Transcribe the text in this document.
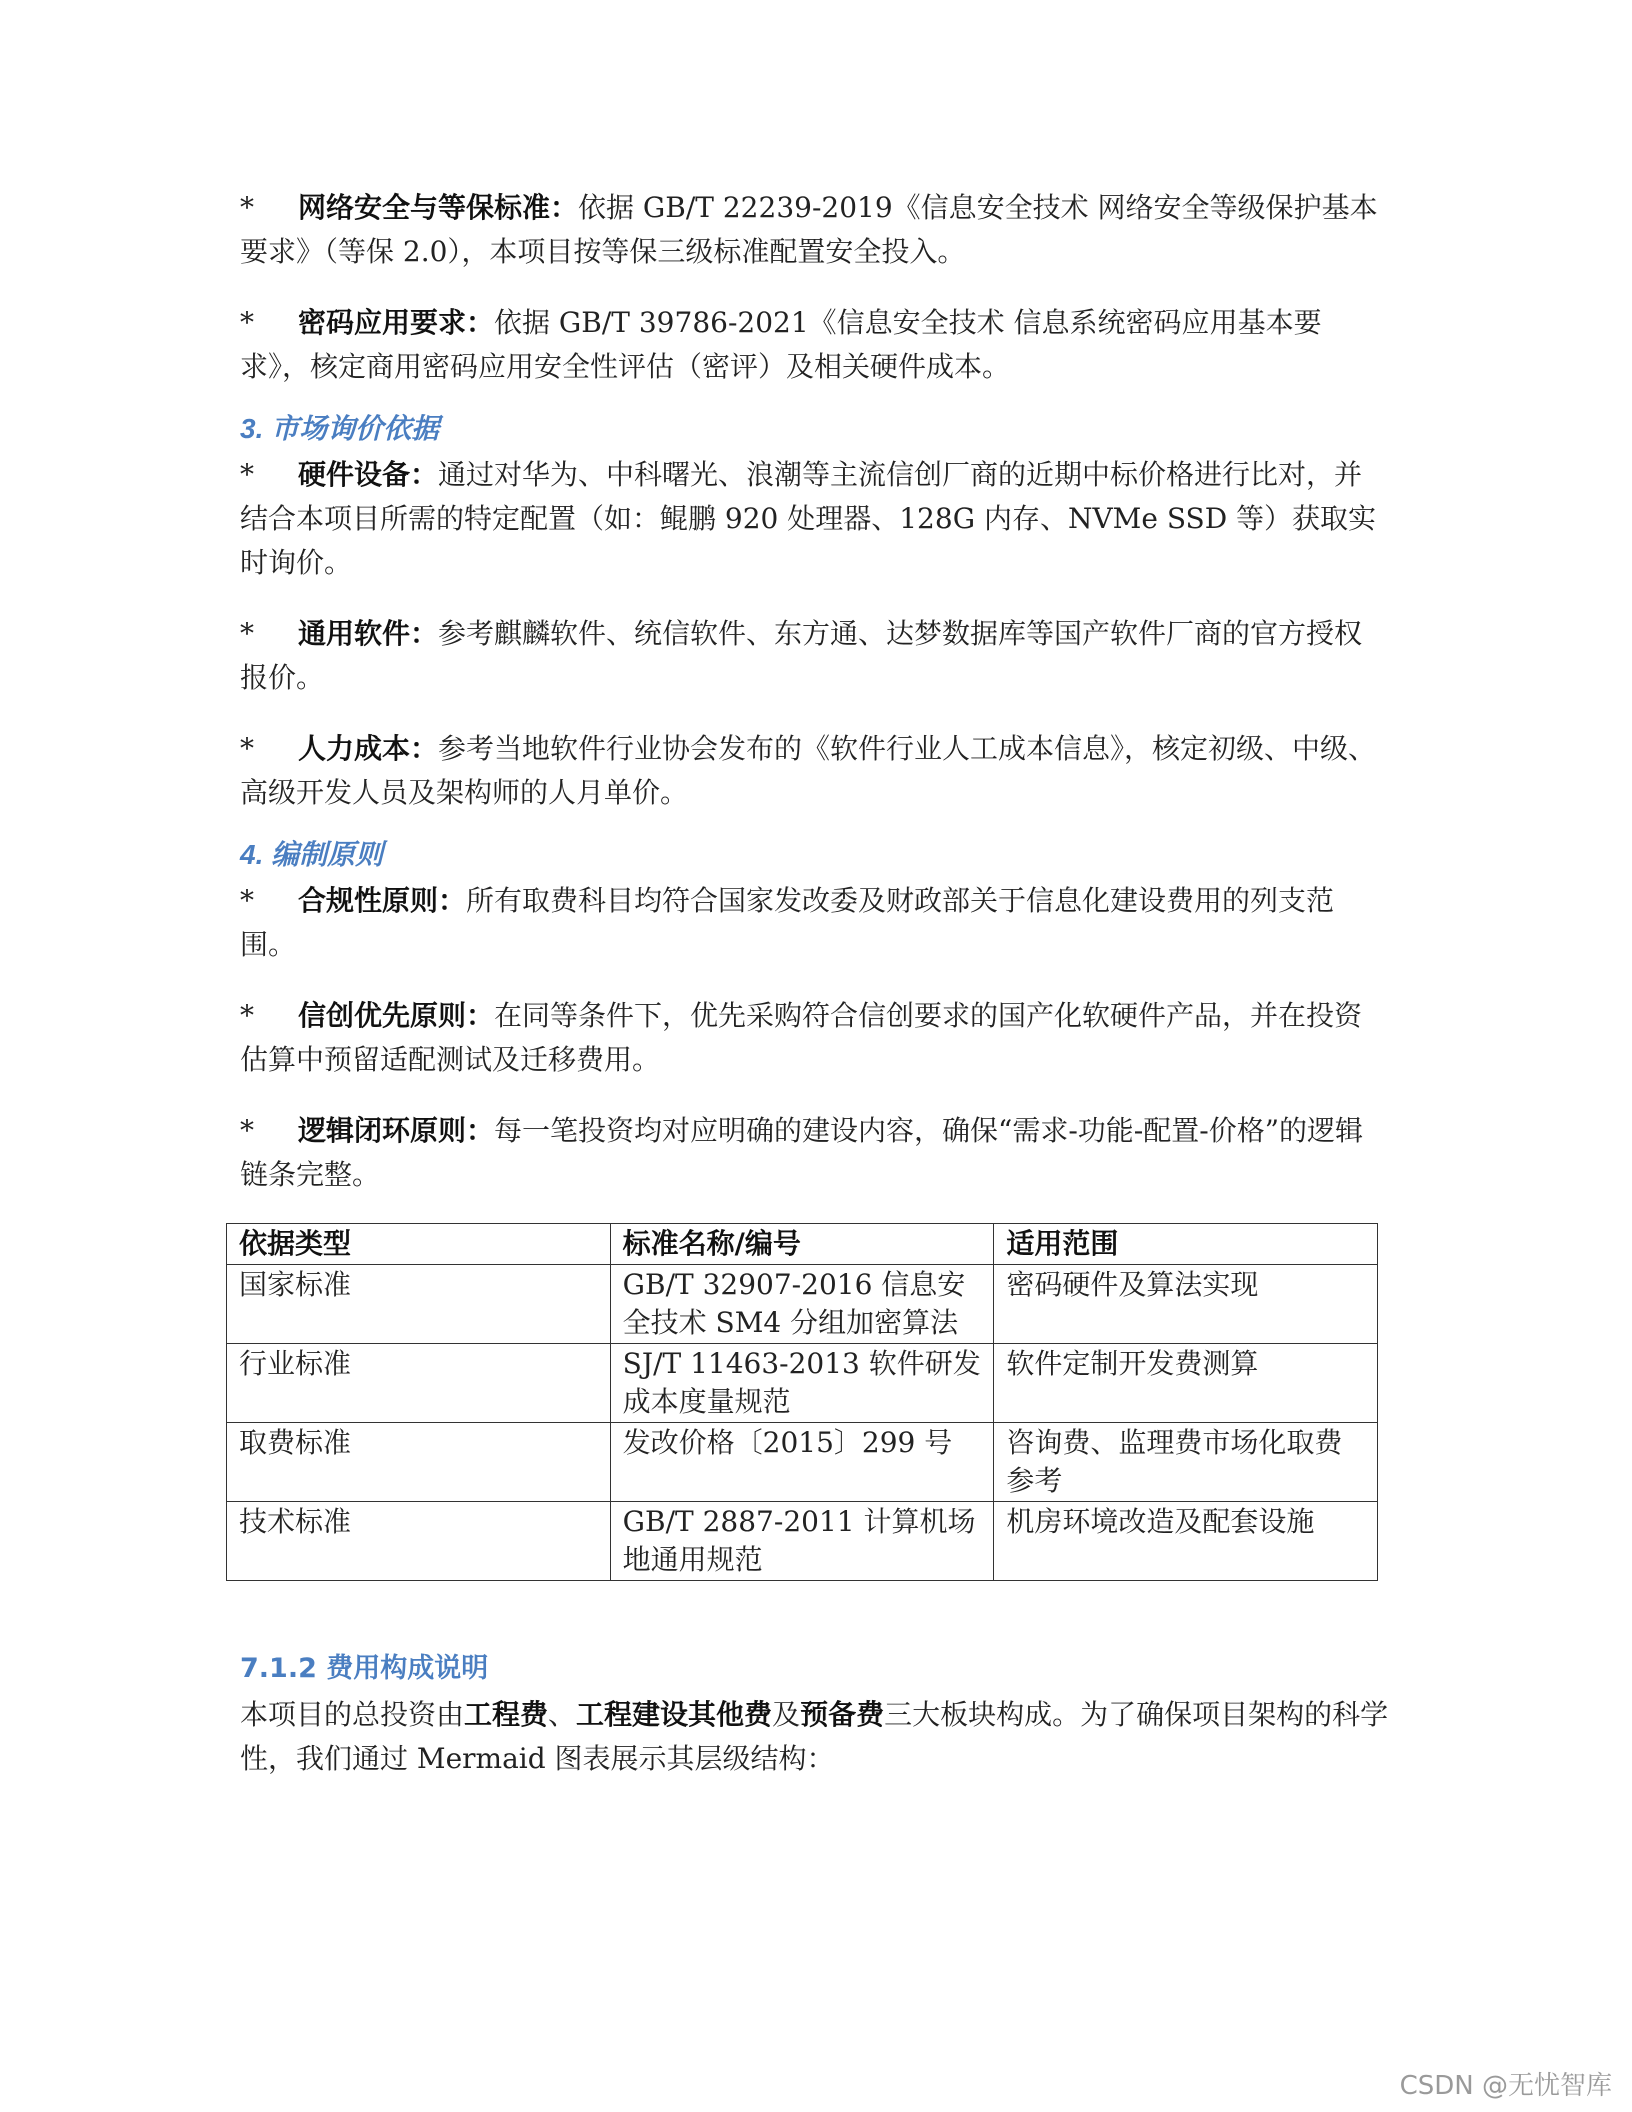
* 网络安全与等保标准：依据 GB/T 22239-2019《信息安全技术 网络安全等级保护基本要求》（等保 2.0），本项目按等保三级标准配置安全投入。
* 密码应用要求：依据 GB/T 39786-2021《信息安全技术 信息系统密码应用基本要求》，核定商用密码应用安全性评估（密评）及相关硬件成本。
3. 市场询价依据
* 硬件设备：通过对华为、中科曙光、浪潮等主流信创厂商的近期中标价格进行比对，并结合本项目所需的特定配置（如：鲲鹏 920 处理器、128G 内存、NVMe SSD 等）获取实时询价。
* 通用软件：参考麒麟软件、统信软件、东方通、达梦数据库等国产软件厂商的官方授权报价。
* 人力成本：参考当地软件行业协会发布的《软件行业人工成本信息》，核定初级、中级、高级开发人员及架构师的人月单价。
4. 编制原则
* 合规性原则：所有取费科目均符合国家发改委及财政部关于信息化建设费用的列支范围。
* 信创优先原则：在同等条件下，优先采购符合信创要求的国产化软硬件产品，并在投资估算中预留适配测试及迁移费用。
* 逻辑闭环原则：每一笔投资均对应明确的建设内容，确保“需求-功能-配置-价格”的逻辑链条完整。
依据类型	标准名称/编号	适用范围
国家标准	GB/T 32907-2016 信息安全技术 SM4 分组加密算法	密码硬件及算法实现
行业标准	SJ/T 11463-2013 软件研发成本度量规范	软件定制开发费测算
取费标准	发改价格〔2015〕299 号	咨询费、监理费市场化取费参考
技术标准	GB/T 2887-2011 计算机场地通用规范	机房环境改造及配套设施
7.1.2 费用构成说明

本项目的总投资由工程费、工程建设其他费及预备费三大板块构成。为了确保项目架构的科学性，我们通过 Mermaid 图表展示其层级结构：

CSDN @无忧智库
